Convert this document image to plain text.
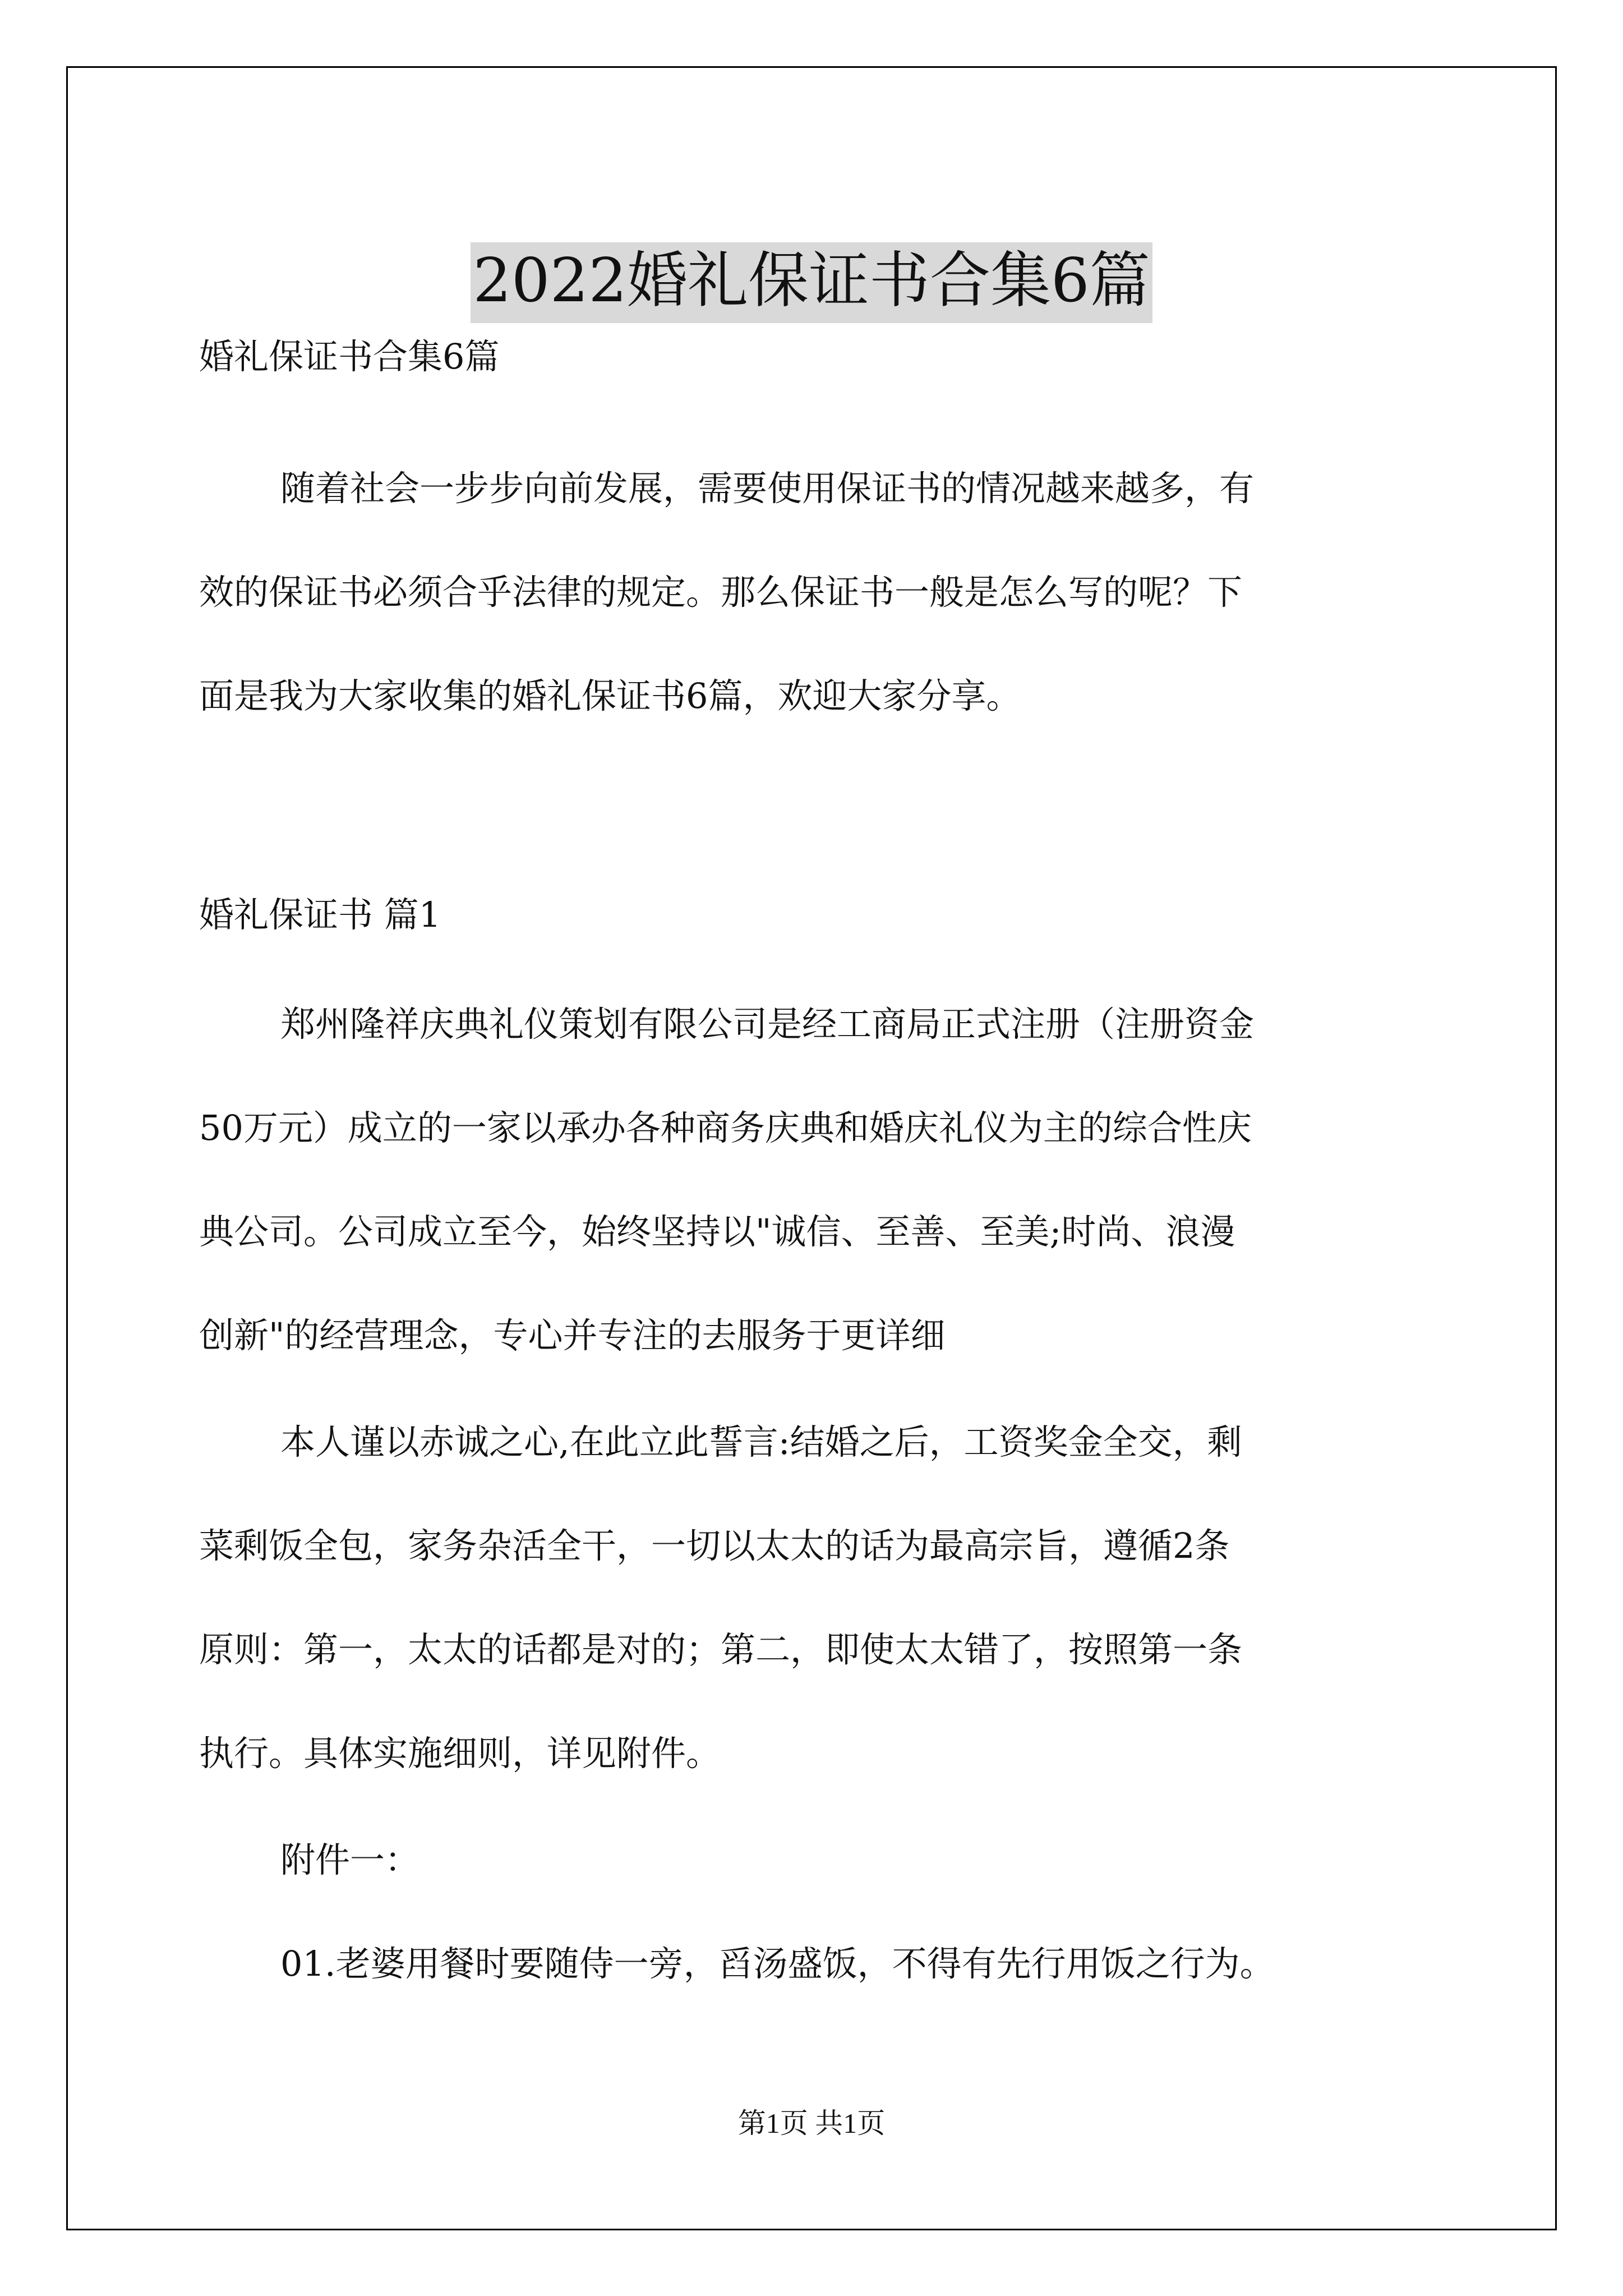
2022婚礼保证书合集6篇

婚礼保证书合集6篇

随着社会一步步向前发展，需要使用保证书的情况越来越多，有

效的保证书必须合乎法律的规定。那么保证书一般是怎么写的呢？下

面是我为大家收集的婚礼保证书6篇，欢迎大家分享。

婚礼保证书 篇1

郑州隆祥庆典礼仪策划有限公司是经工商局正式注册（注册资金

50万元）成立的一家以承办各种商务庆典和婚庆礼仪为主的综合性庆

典公司。公司成立至今，始终坚持以"诚信、至善、至美;时尚、浪漫

创新"的经营理念，专心并专注的去服务于更详细

本人谨以赤诚之心,在此立此誓言:结婚之后，工资奖金全交，剩

菜剩饭全包，家务杂活全干，一切以太太的话为最高宗旨，遵循2条

原则：第一，太太的话都是对的；第二，即使太太错了，按照第一条

执行。具体实施细则，详见附件。

附件一：

01.老婆用餐时要随侍一旁，舀汤盛饭，不得有先行用饭之行为。

第1页 共1页
